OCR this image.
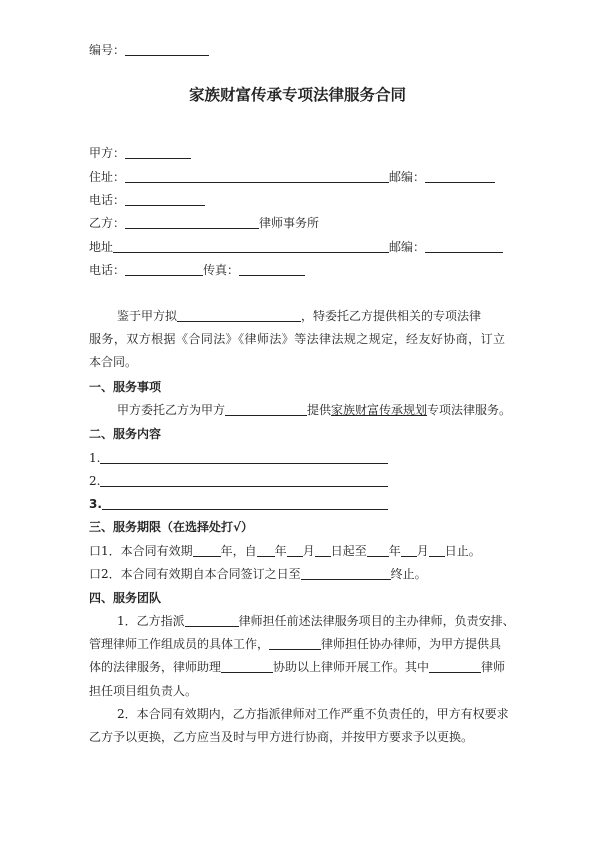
编号：
家族财富传承专项法律服务合同
甲方：
住址：	邮编：
电话：
乙方：	律师事务所
地址	邮编：
电话：	传真：
鉴于甲方拟	，特委托乙方提供相关的专项法律
服务，双方根据《合同法》《律师法》等法律法规之规定，经友好协商，订立
本合同。
一、服务事项
甲方委托乙方为甲方	提供家族财富传承规划专项法律服务。
二、服务内容
1.
2.
3.
三、服务期限（在选择处打√）
口1．本合同有效期 年，自 年 月 日起至 年 月 日止。
口2．本合同有效期自本合同签订之日至	终止。
四、服务团队
1．乙方指派	律师担任前述法律服务项目的主办律师，负责安排、
管理律师工作组成员的具体工作，	律师担任协办律师，为甲方提供具
体的法律服务，律师助理	协助以上律师开展工作。其中	律师
担任项目组负责人。
2．本合同有效期内，乙方指派律师对工作严重不负责任的，甲方有权要求
乙方予以更换，乙方应当及时与甲方进行协商，并按甲方要求予以更换。
